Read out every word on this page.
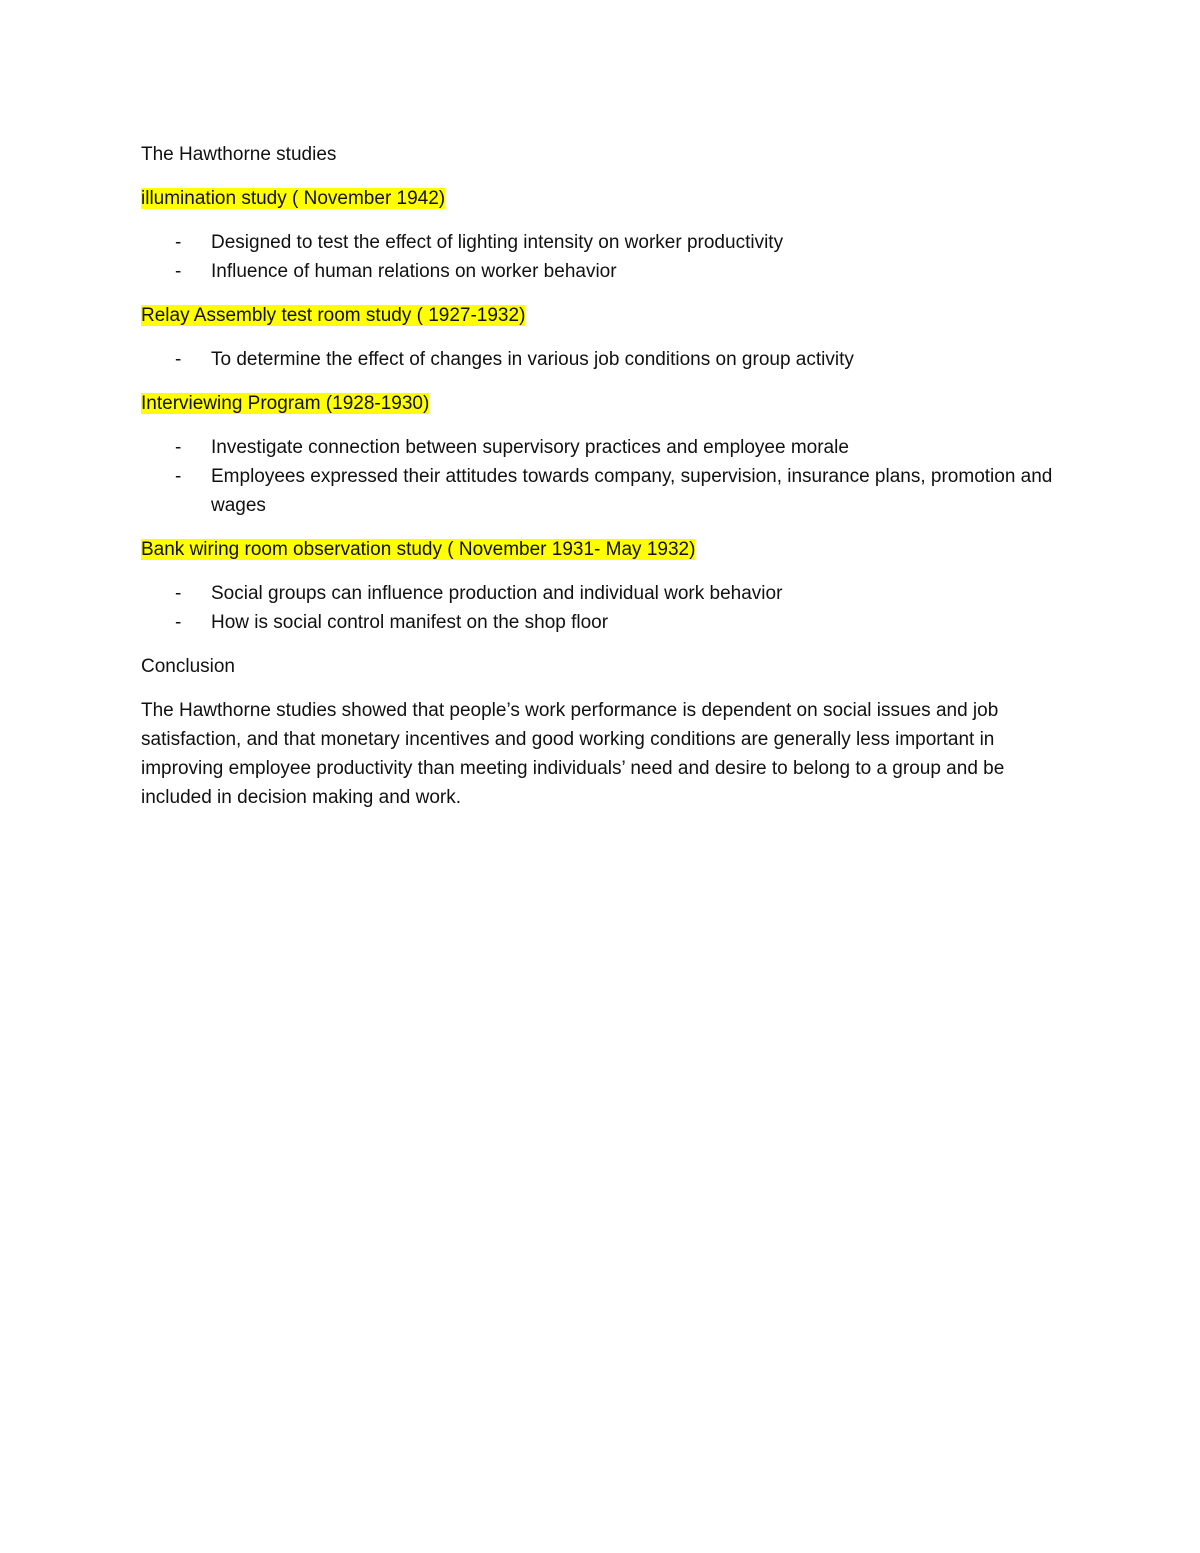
The Hawthorne studies

illumination study ( November 1942)

- Designed to test the effect of lighting intensity on worker productivity
- Influence of human relations on worker behavior

Relay Assembly test room study ( 1927-1932)

- To determine the effect of changes in various job conditions on group activity

Interviewing Program (1928-1930)

- Investigate connection between supervisory practices and employee morale
- Employees expressed their attitudes towards company, supervision, insurance plans, promotion and wages

Bank wiring room observation study ( November 1931- May 1932)

- Social groups can influence production and individual work behavior
- How is social control manifest on the shop floor

Conclusion

The Hawthorne studies showed that people’s work performance is dependent on social issues and job satisfaction, and that monetary incentives and good working conditions are generally less important in improving employee productivity than meeting individuals’ need and desire to belong to a group and be included in decision making and work.
